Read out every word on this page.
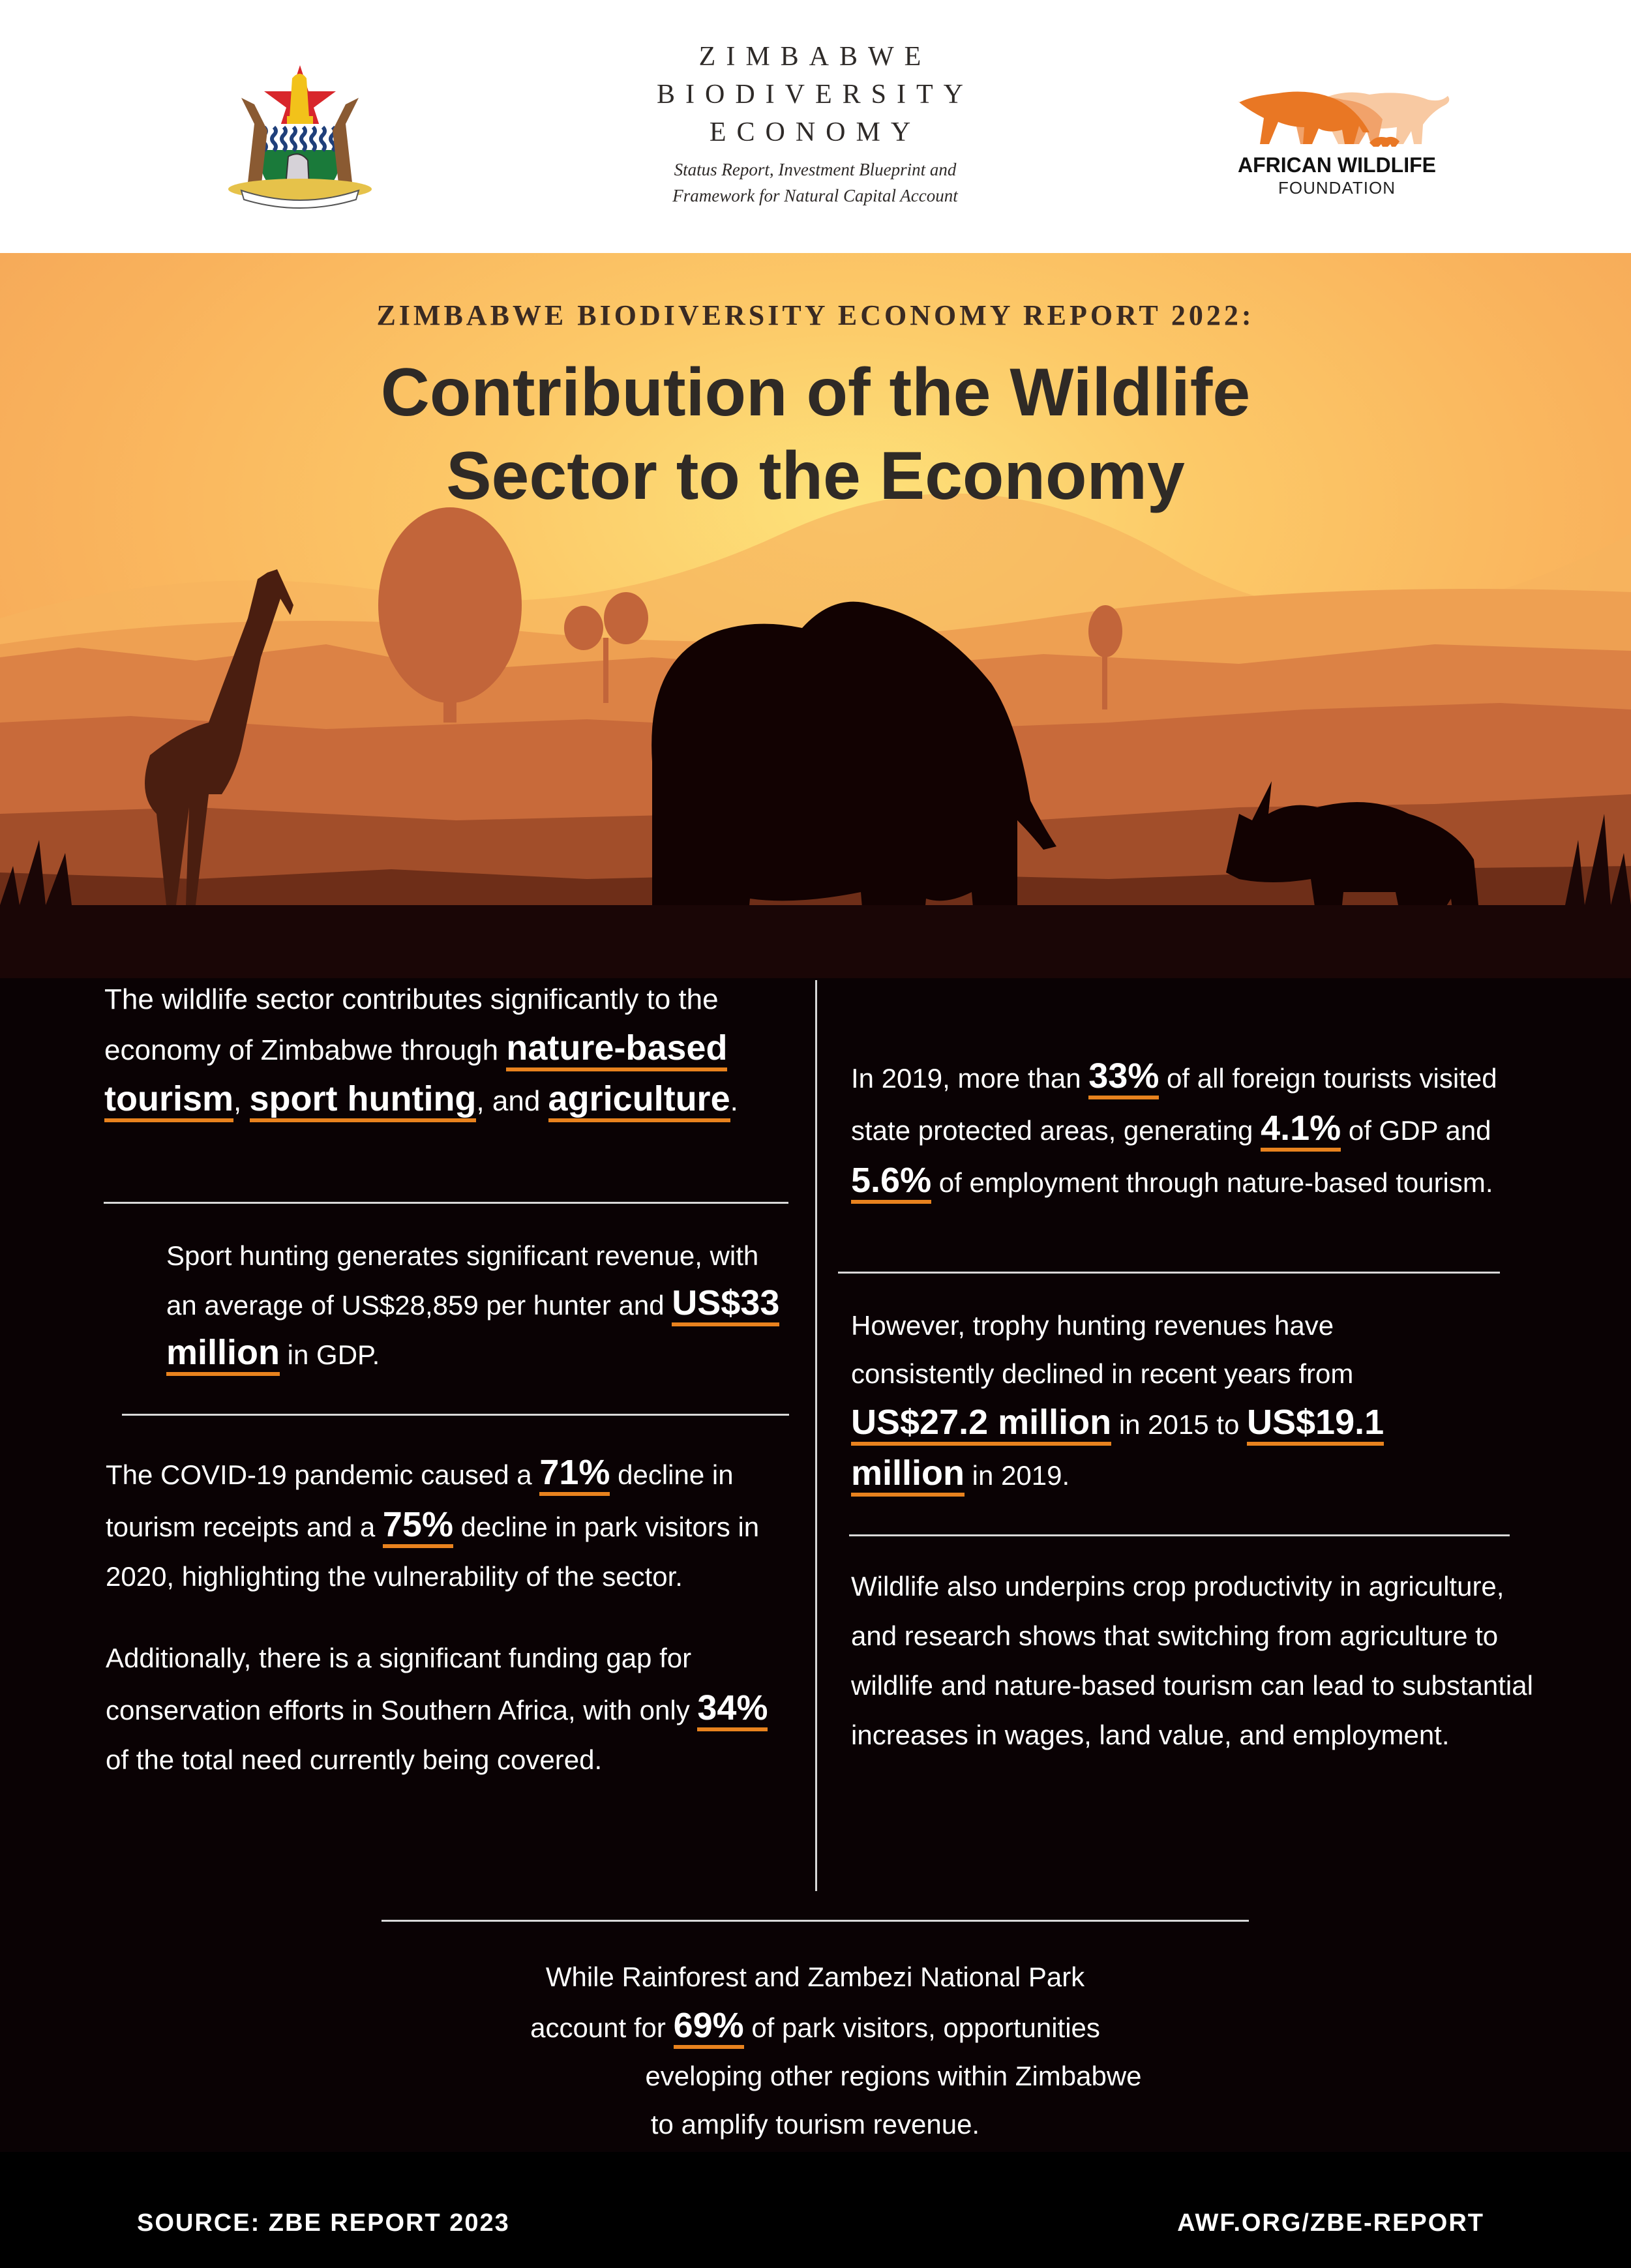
ZIMBABWE
BIODIVERSITY
ECONOMY
Status Report, Investment Blueprint and
Framework for Natural Capital Account
AFRICAN WILDLIFE
FOUNDATION
ZIMBABWE BIODIVERSITY ECONOMY REPORT 2022:
Contribution of the Wildlife
Sector to the Economy
The wildlife sector contributes significantly to the economy of Zimbabwe through nature-based tourism, sport hunting, and agriculture.
Sport hunting generates significant revenue, with an average of US$28,859 per hunter and US$33 million in GDP.
The COVID-19 pandemic caused a 71% decline in tourism receipts and a 75% decline in park visitors in 2020, highlighting the vulnerability of the sector.
Additionally, there is a significant funding gap for conservation efforts in Southern Africa, with only 34% of the total need currently being covered.
In 2019, more than 33% of all foreign tourists visited state protected areas, generating 4.1% of GDP and 5.6% of employment through nature-based tourism.
However, trophy hunting revenues have consistently declined in recent years from US$27.2 million in 2015 to US$19.1 million in 2019.
Wildlife also underpins crop productivity in agriculture, and research shows that switching from agriculture to wildlife and nature-based tourism can lead to substantial increases in wages, land value, and employment.
While Rainforest and Zambezi National Park
account for 69% of park visitors, opportunities
eveloping other regions within Zimbabwe
to amplify tourism revenue.
SOURCE: ZBE REPORT 2023	AWF.ORG/ZBE-REPORT
